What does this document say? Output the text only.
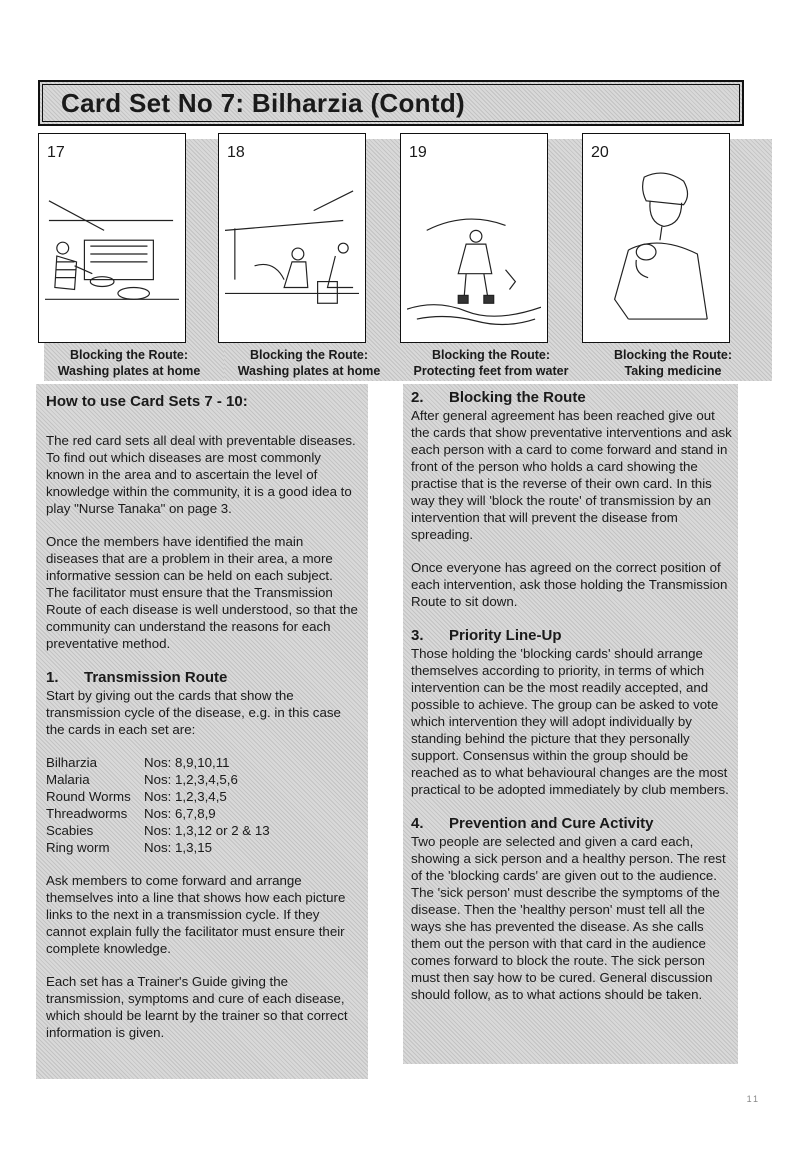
Card Set No 7: Bilharzia (Contd)
17
Blocking the Route:
Washing plates at home
18
Blocking the Route:
Washing plates at home
19
Blocking the Route:
Protecting feet from water
20
Blocking the Route:
Taking medicine
How to use Card Sets 7 - 10:

The red card sets all deal with preventable diseases. To find out which diseases are most commonly known in the area and to ascertain the level of knowledge within the community, it is a good idea to play "Nurse Tanaka" on page 3.

Once the members have identified the main diseases that are a problem in their area, a more informative session can be held on each subject. The facilitator must ensure that the Transmission Route of each disease is well understood, so that the community can understand the reasons for each preventative method.

1.	Transmission Route

Start by giving out the cards that show the transmission cycle of the disease, e.g. in this case the cards in each set are:

Bilharzia	Nos: 8,9,10,11
Malaria	Nos: 1,2,3,4,5,6
Round Worms Nos: 1,2,3,4,5
Threadworms	Nos: 6,7,8,9
Scabies	Nos: 1,3,12 or 2 & 13
Ring worm	Nos: 1,3,15

Ask members to come forward and arrange themselves into a line that shows how each picture links to the next in a transmission cycle. If they cannot explain fully the facilitator must ensure their complete knowledge.

Each set has a Trainer's Guide giving the transmission, symptoms and cure of each disease, which should be learnt by the trainer so that correct information is given.

2.	Blocking the Route

After general agreement has been reached give out the cards that show preventative interventions and ask each person with a card to come forward and stand in front of the person who holds a card showing the practise that is the reverse of their own card. In this way they will 'block the route' of transmission by an intervention that will prevent the disease from spreading.

Once everyone has agreed on the correct position of each intervention, ask those holding the Transmission Route to sit down.

3.	Priority Line-Up

Those holding the 'blocking cards' should arrange themselves according to priority, in terms of which intervention can be the most readily accepted, and possible to achieve. The group can be asked to vote which intervention they will adopt individually by standing behind the picture that they personally support. Consensus within the group should be reached as to what behavioural changes are the most practical to be adopted immediately by club members.

4.	Prevention and Cure Activity

Two people are selected and given a card each, showing a sick person and a healthy person. The rest of the 'blocking cards' are given out to the audience. The 'sick person' must describe the symptoms of the disease. Then the 'healthy person' must tell all the ways she has prevented the disease. As she calls them out the person with that card in the audience comes forward to block the route. The sick person must then say how to be cured. General discussion should follow, as to what actions should be taken.

11
